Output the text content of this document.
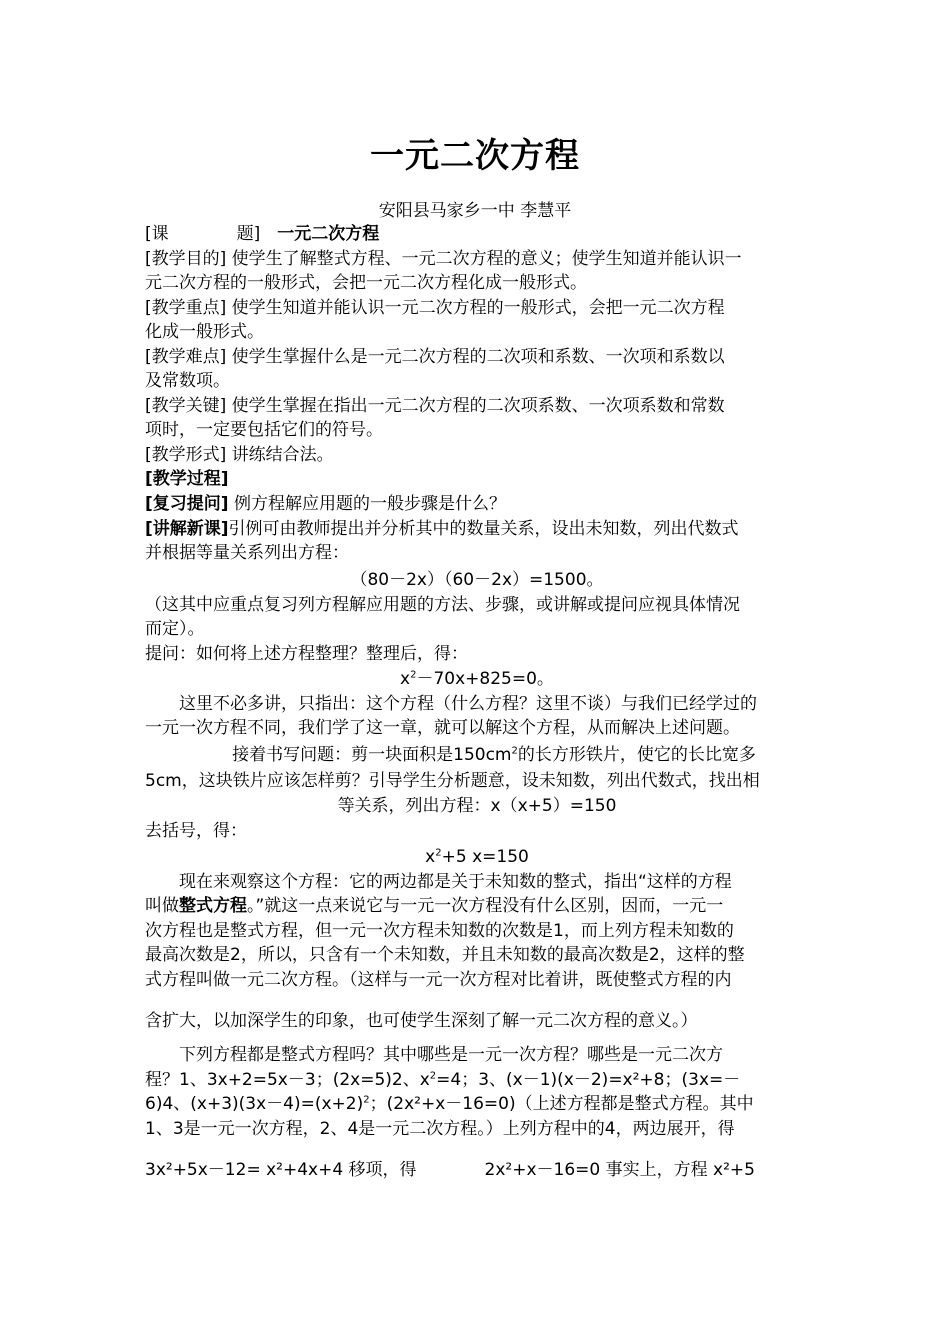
一元二次方程
安阳县马家乡一中 李慧平
[课　　　　题]　一元二次方程
[教学目的] 使学生了解整式方程、一元二次方程的意义；使学生知道并能认识一
元二次方程的一般形式，会把一元二次方程化成一般形式。
[教学重点] 使学生知道并能认识一元二次方程的一般形式，会把一元二次方程
化成一般形式。
[教学难点] 使学生掌握什么是一元二次方程的二次项和系数、一次项和系数以
及常数项。
[教学关键] 使学生掌握在指出一元二次方程的二次项系数、一次项系数和常数
项时，一定要包括它们的符号。
[教学形式] 讲练结合法。
[教学过程]
[复习提问] 例方程解应用题的一般步骤是什么？
[讲解新课]引例可由教师提出并分析其中的数量关系，设出未知数，列出代数式
并根据等量关系列出方程：
（80－2x）（60－2x）=1500。
（这其中应重点复习列方程解应用题的方法、步骤，或讲解或提问应视具体情况
而定）。
提问：如何将上述方程整理？整理后，得：
$x^2-70x+825=0$。
　　这里不必多讲，只指出：这个方程（什么方程？这里不谈）与我们已经学过的
一元一次方程不同，我们学了这一章，就可以解这个方程，从而解决上述问题。
　　接着书写问题：剪一块面积是$150cm^2$的长方形铁片，使它的长比宽多
5cm，这块铁片应该怎样剪？引导学生分析题意，设未知数，列出代数式，找出相
等关系，列出方程：x（x+5）=150
去括号，得：
$x^2+5$ x=150
　　现在来观察这个方程：它的两边都是关于未知数的整式，指出“这样的方程
叫做整式方程。”就这一点来说它与一元一次方程没有什么区别，因而，一元一
次方程也是整式方程，但一元一次方程未知数的次数是1，而上列方程未知数的
最高次数是2，所以，只含有一个未知数，并且未知数的最高次数是2，这样的整
式方程叫做一元二次方程。（这样与一元一次方程对比着讲，既使整式方程的内
含扩大，以加深学生的印象，也可使学生深刻了解一元二次方程的意义。）
　　下列方程都是整式方程吗？其中哪些是一元一次方程？哪些是一元二次方
程？1、3x+2=5x－3；(2x=5)2、$x^2=4$；3、(x－1)(x－2)=x²+8；(3x=－
6)4、$(x+3)(3x-4)=(x+2)^2$；(2x²+x－16=0)（上述方程都是整式方程。其中
1、3是一元一次方程，2、4是一元二次方程。）上列方程中的4，两边展开，得
3x²+5x－12= x²+4x+4 移项，得　　　　2x²+x－16=0 事实上，方程 x²+5
